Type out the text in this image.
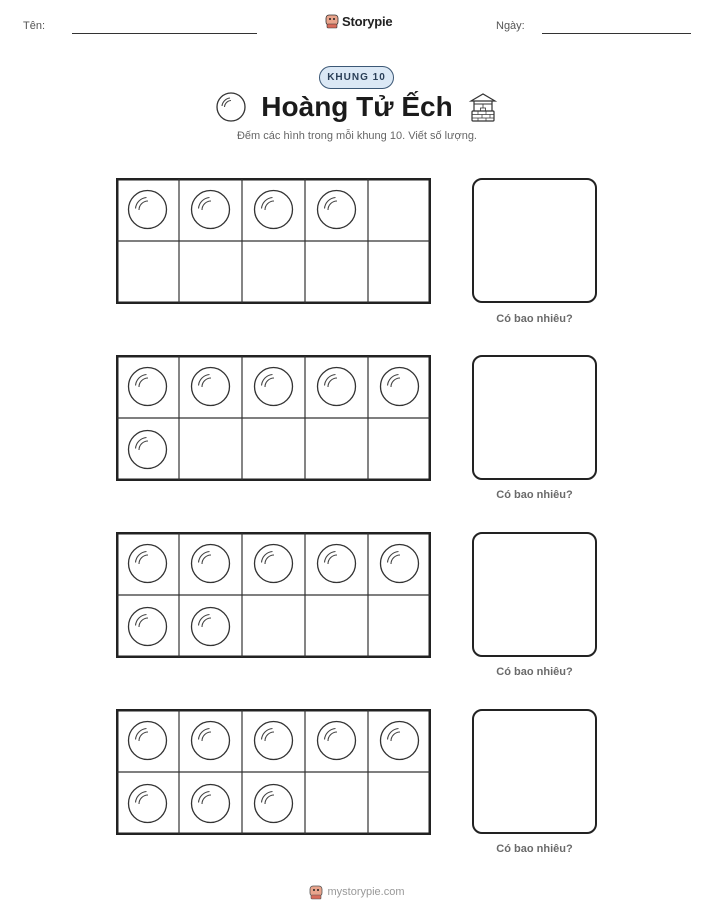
Tên:	Storypie	Ngày:
KHUNG 10
Hoàng Tử Ếch
Đếm các hình trong mỗi khung 10. Viết số lượng.
Có bao nhiêu?
Có bao nhiêu?
Có bao nhiêu?
Có bao nhiêu?
mystorypie.com
